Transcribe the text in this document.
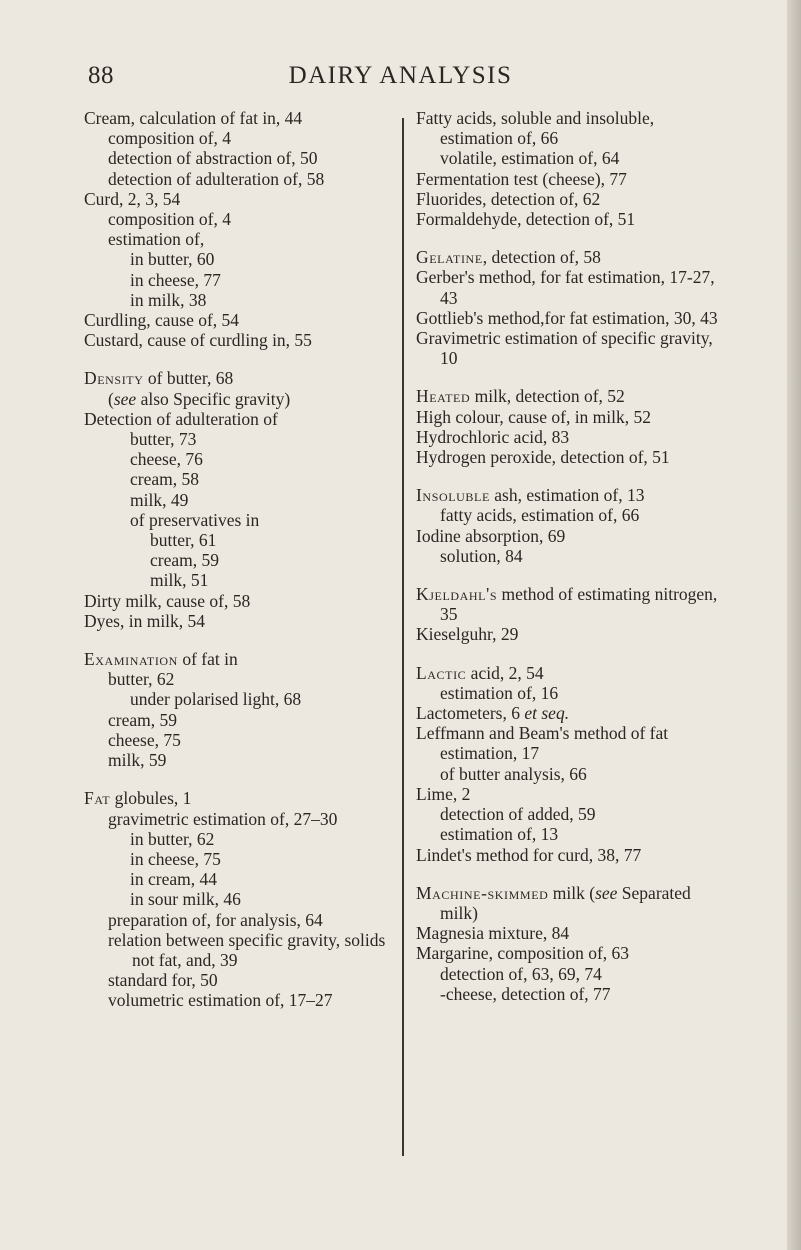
88	DAIRY ANALYSIS
Cream, calculation of fat in, 44
composition of, 4
detection of abstraction of, 50
detection of adulteration of, 58
Curd, 2, 3, 54
composition of, 4
estimation of,
in butter, 60
in cheese, 77
in milk, 38
Curdling, cause of, 54
Custard, cause of curdling in, 55
Density of butter, 68
(see also Specific gravity)
Detection of adulteration of
butter, 73
cheese, 76
cream, 58
milk, 49
of preservatives in
butter, 61
cream, 59
milk, 51
Dirty milk, cause of, 58
Dyes, in milk, 54
Examination of fat in
butter, 62
under polarised light, 68
cream, 59
cheese, 75
milk, 59
Fat globules, 1
gravimetric estimation of, 27–30
in butter, 62
in cheese, 75
in cream, 44
in sour milk, 46
preparation of, for analysis, 64
relation between specific gravity, solids not fat, and, 39
standard for, 50
volumetric estimation of, 17–27
Fatty acids, soluble and insoluble, estimation of, 66
volatile, estimation of, 64
Fermentation test (cheese), 77
Fluorides, detection of, 62
Formaldehyde, detection of, 51
Gelatine, detection of, 58
Gerber's method, for fat estimation, 17-27, 43
Gottlieb's method,for fat estimation, 30, 43
Gravimetric estimation of specific gravity, 10
Heated milk, detection of, 52
High colour, cause of, in milk, 52
Hydrochloric acid, 83
Hydrogen peroxide, detection of, 51
Insoluble ash, estimation of, 13
fatty acids, estimation of, 66
Iodine absorption, 69
solution, 84
Kjeldahl's method of estimating nitrogen, 35
Kieselguhr, 29
Lactic acid, 2, 54
estimation of, 16
Lactometers, 6 et seq.
Leffmann and Beam's method of fat estimation, 17
of butter analysis, 66
Lime, 2
detection of added, 59
estimation of, 13
Lindet's method for curd, 38, 77
Machine-skimmed milk (see Separated milk)
Magnesia mixture, 84
Margarine, composition of, 63
detection of, 63, 69, 74
-cheese, detection of, 77
